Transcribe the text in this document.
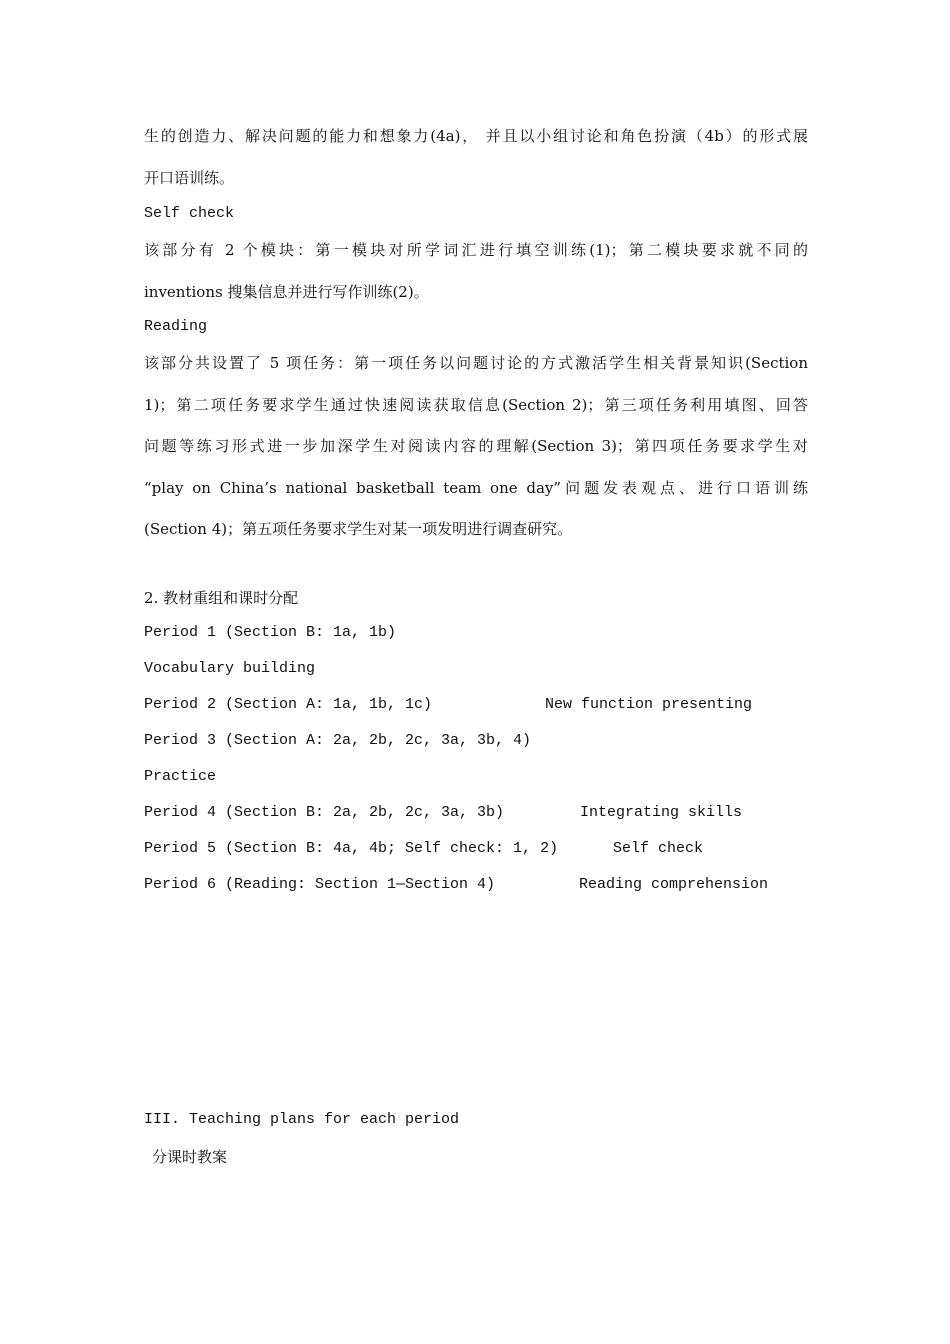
生的创造力、解决问题的能力和想象力(4a)， 并且以小组讨论和角色扮演（4b）的形式展
开口语训练。
Self check
该部分有 2 个模块：第一模块对所学词汇进行填空训练(1)；第二模块要求就不同的
inventions 搜集信息并进行写作训练(2)。
Reading
该部分共设置了 5 项任务：第一项任务以问题讨论的方式激活学生相关背景知识(Section
1)；第二项任务要求学生通过快速阅读获取信息(Section 2)；第三项任务利用填图、回答
问题等练习形式进一步加深学生对阅读内容的理解(Section 3)；第四项任务要求学生对
“play on China’s national basketball team one day”问题发表观点、进行口语训练
(Section 4)；第五项任务要求学生对某一项发明进行调查研究。
2. 教材重组和课时分配
Period 1 (Section B: 1a, 1b)
Vocabulary building
Period 2 (Section A: 1a, 1b, 1c)	New function presenting
Period 3 (Section A: 2a, 2b, 2c, 3a, 3b, 4)
Practice
Period 4 (Section B: 2a, 2b, 2c, 3a, 3b)	Integrating skills
Period 5 (Section B: 4a, 4b; Self check: 1, 2)	Self check
Period 6 (Reading: Section 1—Section 4)	Reading comprehension
III. Teaching plans for each period
分课时教案
